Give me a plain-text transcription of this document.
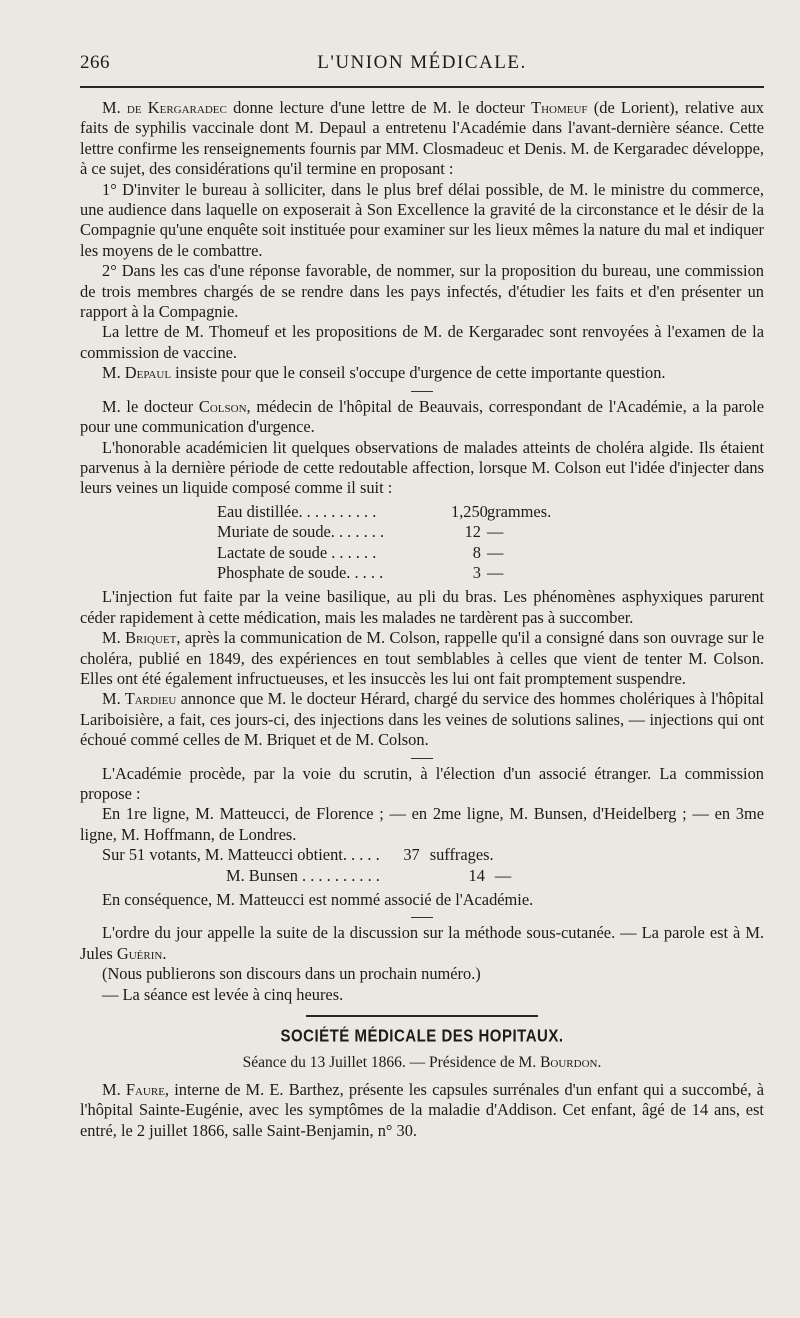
266	L'UNION MÉDICALE.

M. de Kergaradec donne lecture d'une lettre de M. le docteur Thomeuf (de Lorient), relative aux faits de syphilis vaccinale dont M. Depaul a entretenu l'Académie dans l'avant-dernière séance. Cette lettre confirme les renseignements fournis par MM. Closmadeuc et Denis. M. de Kergaradec développe, à ce sujet, des considérations qu'il termine en proposant :

1° D'inviter le bureau à solliciter, dans le plus bref délai possible, de M. le ministre du commerce, une audience dans laquelle on exposerait à Son Excellence la gravité de la circonstance et le désir de la Compagnie qu'une enquête soit instituée pour examiner sur les lieux mêmes la nature du mal et indiquer les moyens de le combattre.

2° Dans les cas d'une réponse favorable, de nommer, sur la proposition du bureau, une commission de trois membres chargés de se rendre dans les pays infectés, d'étudier les faits et d'en présenter un rapport à la Compagnie.

La lettre de M. Thomeuf et les propositions de M. de Kergaradec sont renvoyées à l'examen de la commission de vaccine.

M. Depaul insiste pour que le conseil s'occupe d'urgence de cette importante question.

M. le docteur Colson, médecin de l'hôpital de Beauvais, correspondant de l'Académie, a la parole pour une communication d'urgence.

L'honorable académicien lit quelques observations de malades atteints de choléra algide. Ils étaient parvenus à la dernière période de cette redoutable affection, lorsque M. Colson eut l'idée d'injecter dans leurs veines un liquide composé comme il suit :

Eau distillée. . . . . . . . . .	1,250 grammes.
Muriate de soude. . . . . . .	12 —
Lactate de soude . . . . . .	8 —
Phosphate de soude. . . . .	3 —

L'injection fut faite par la veine basilique, au pli du bras. Les phénomènes asphyxiques parurent céder rapidement à cette médication, mais les malades ne tardèrent pas à succomber.

M. Briquet, après la communication de M. Colson, rappelle qu'il a consigné dans son ouvrage sur le choléra, publié en 1849, des expériences en tout semblables à celles que vient de tenter M. Colson. Elles ont été également infructueuses, et les insuccès les lui ont fait promptement suspendre.

M. Tardieu annonce que M. le docteur Hérard, chargé du service des hommes cholériques à l'hôpital Lariboisière, a fait, ces jours-ci, des injections dans les veines de solutions salines, — injections qui ont échoué commé celles de M. Briquet et de M. Colson.

L'Académie procède, par la voie du scrutin, à l'élection d'un associé étranger. La commission propose :

En 1re ligne, M. Matteucci, de Florence ; — en 2me ligne, M. Bunsen, d'Heidelberg ; — en 3me ligne, M. Hoffmann, de Londres.

Sur 51 votants, M. Matteucci obtient. . . . .	37 suffrages.
M. Bunsen . . . . . . . . . .	14 —

En conséquence, M. Matteucci est nommé associé de l'Académie.

L'ordre du jour appelle la suite de la discussion sur la méthode sous-cutanée. — La parole est à M. Jules Guérin.

(Nous publierons son discours dans un prochain numéro.)

— La séance est levée à cinq heures.

SOCIÉTÉ MÉDICALE DES HOPITAUX.
Séance du 13 Juillet 1866. — Présidence de M. Bourdon.

M. Faure, interne de M. E. Barthez, présente les capsules surrénales d'un enfant qui a succombé, à l'hôpital Sainte-Eugénie, avec les symptômes de la maladie d'Addison. Cet enfant, âgé de 14 ans, est entré, le 2 juillet 1866, salle Saint-Benjamin, n° 30.
